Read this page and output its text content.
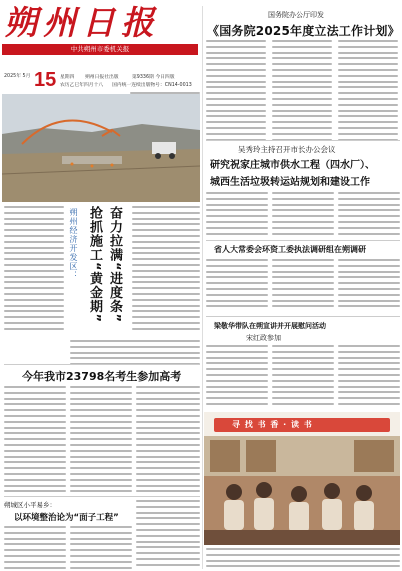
朔州日报
中共朔州市委机关报
2025年 5月 15 星期四 朔州日报社出版	第9336期 今日四版
农历乙巳年四月十八 国内统一连续出版物号：CN14-0013
国务院办公厅印发
《国务院2025年度立法工作计划》
吴秀玲主持召开市长办公会议
研究祝家庄城市供水工程（四水厂）、
城西生活垃圾转运站规划和建设工作
省人大常委会环资工委执法调研组在朔调研
梁敬华带队在朔宣讲并开展慰问活动
宋红政参加
朔州经济开发区：	奋力拉满“进度条” 抢抓施工“黄金期”
今年我市23798名考生参加高考
朔城区小平易乡：
以环境整治论为“面子工程”
寻 找 书 香 · 读 书
